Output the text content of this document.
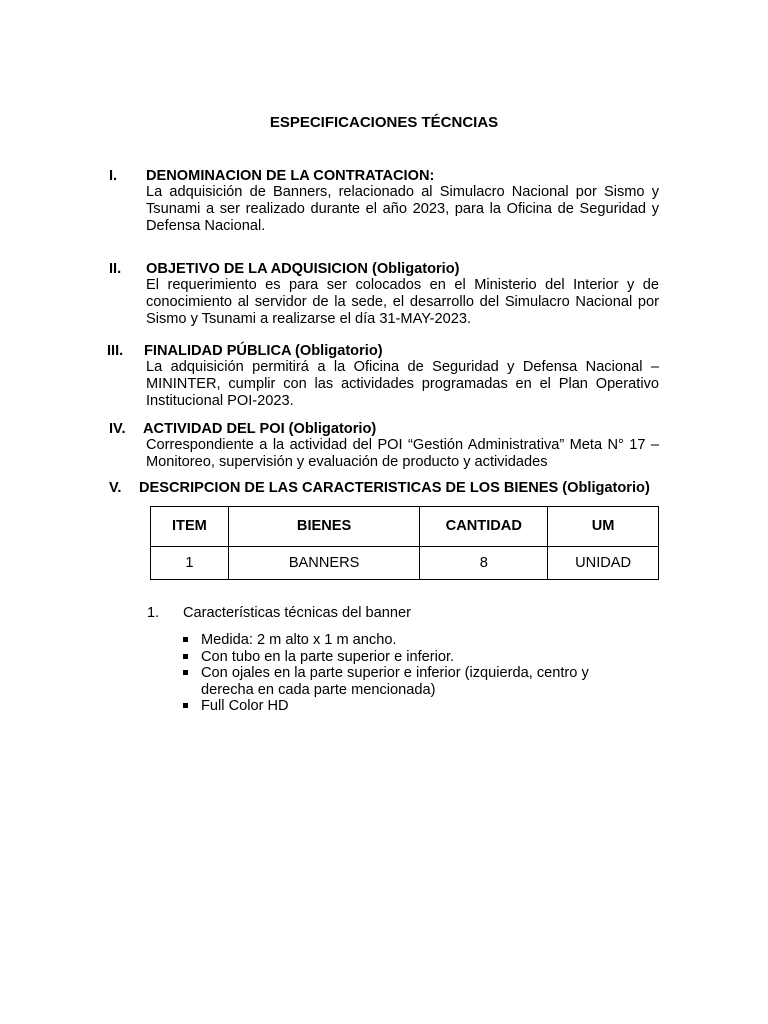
ESPECIFICACIONES TÉCNCIAS
I. DENOMINACION DE LA CONTRATACION:
La adquisición de Banners, relacionado al Simulacro Nacional por Sismo y Tsunami a ser realizado durante el año 2023, para la Oficina de Seguridad y Defensa Nacional.
II. OBJETIVO DE LA ADQUISICION (Obligatorio)
El requerimiento es para ser colocados en el Ministerio del Interior y de conocimiento al servidor de la sede, el desarrollo del Simulacro Nacional por Sismo y Tsunami a realizarse el día 31-MAY-2023.
III. FINALIDAD PÚBLICA (Obligatorio)
La adquisición permitirá a la Oficina de Seguridad y Defensa Nacional – MININTER, cumplir con las actividades programadas en el Plan Operativo Institucional POI-2023.
IV. ACTIVIDAD DEL POI (Obligatorio)
Correspondiente a la actividad del POI “Gestión Administrativa” Meta N° 17 – Monitoreo, supervisión y evaluación de producto y actividades
V. DESCRIPCION DE LAS CARACTERISTICAS DE LOS BIENES (Obligatorio)
ITEM	BIENES	CANTIDAD	UM
1	BANNERS	8	UNIDAD
1. Características técnicas del banner
Medida: 2 m alto x 1 m ancho.
Con tubo en la parte superior e inferior.
Con ojales en la parte superior e inferior (izquierda, centro y derecha en cada parte mencionada)
Full Color HD
